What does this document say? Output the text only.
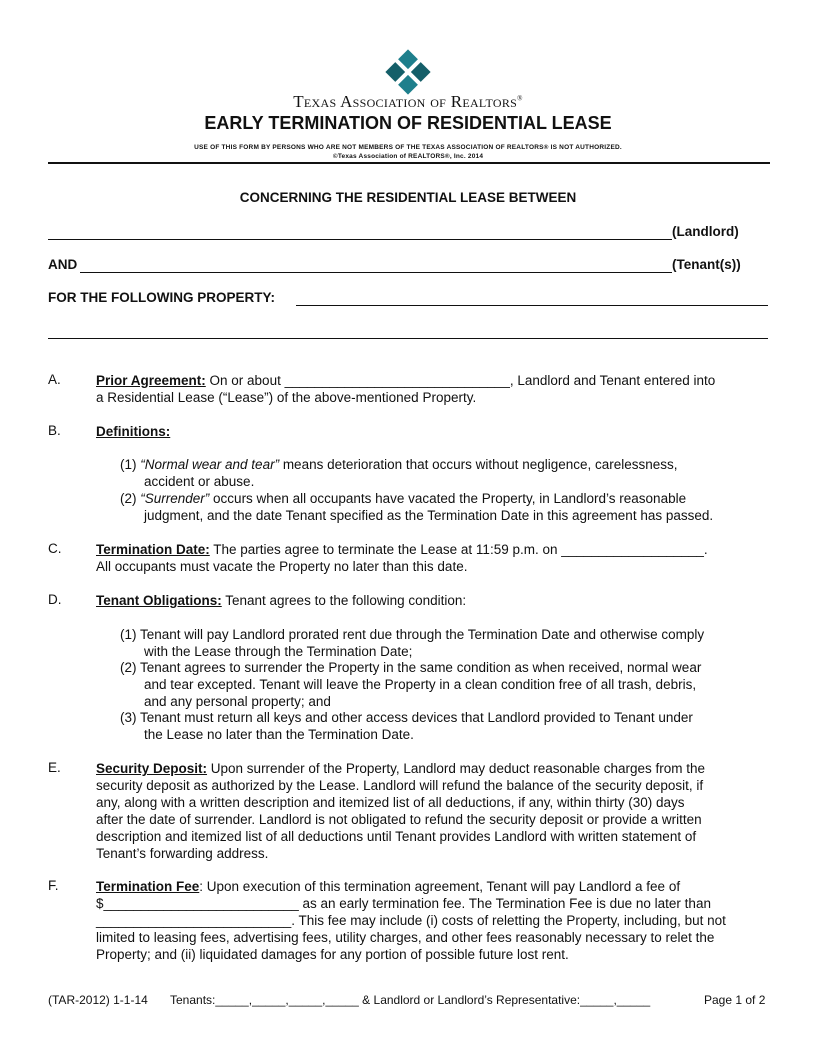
Texas Association of Realtors®
EARLY TERMINATION OF RESIDENTIAL LEASE
USE OF THIS FORM BY PERSONS WHO ARE NOT MEMBERS OF THE TEXAS ASSOCIATION OF REALTORS® IS NOT AUTHORIZED.
©Texas Association of REALTORS®, Inc. 2014
CONCERNING THE RESIDENTIAL LEASE BETWEEN
(Landlord)
AND	(Tenant(s))
FOR THE FOLLOWING PROPERTY:
A.	Prior Agreement: On or about ______________________________, Landlord and Tenant entered into
a Residential Lease (“Lease”) of the above-mentioned Property.
B.	Definitions:
(1) “Normal wear and tear” means deterioration that occurs without negligence, carelessness,
accident or abuse.
(2) “Surrender” occurs when all occupants have vacated the Property, in Landlord’s reasonable
judgment, and the date Tenant specified as the Termination Date in this agreement has passed.
C.	Termination Date: The parties agree to terminate the Lease at 11:59 p.m. on ___________________.
All occupants must vacate the Property no later than this date.
D.	Tenant Obligations: Tenant agrees to the following condition:
(1) Tenant will pay Landlord prorated rent due through the Termination Date and otherwise comply
with the Lease through the Termination Date;
(2) Tenant agrees to surrender the Property in the same condition as when received, normal wear
and tear excepted. Tenant will leave the Property in a clean condition free of all trash, debris,
and any personal property; and
(3) Tenant must return all keys and other access devices that Landlord provided to Tenant under
the Lease no later than the Termination Date.
E.	Security Deposit: Upon surrender of the Property, Landlord may deduct reasonable charges from the
security deposit as authorized by the Lease. Landlord will refund the balance of the security deposit, if
any, along with a written description and itemized list of all deductions, if any, within thirty (30) days
after the date of surrender. Landlord is not obligated to refund the security deposit or provide a written
description and itemized list of all deductions until Tenant provides Landlord with written statement of
Tenant’s forwarding address.
F.	Termination Fee: Upon execution of this termination agreement, Tenant will pay Landlord a fee of
$__________________________ as an early termination fee. The Termination Fee is due no later than
__________________________. This fee may include (i) costs of reletting the Property, including, but not
limited to leasing fees, advertising fees, utility charges, and other fees reasonably necessary to relet the
Property; and (ii) liquidated damages for any portion of possible future lost rent.
(TAR-2012) 1-1-14 Tenants:_____,_____,_____,_____ & Landlord or Landlord’s Representative:_____,_____	Page 1 of 2
